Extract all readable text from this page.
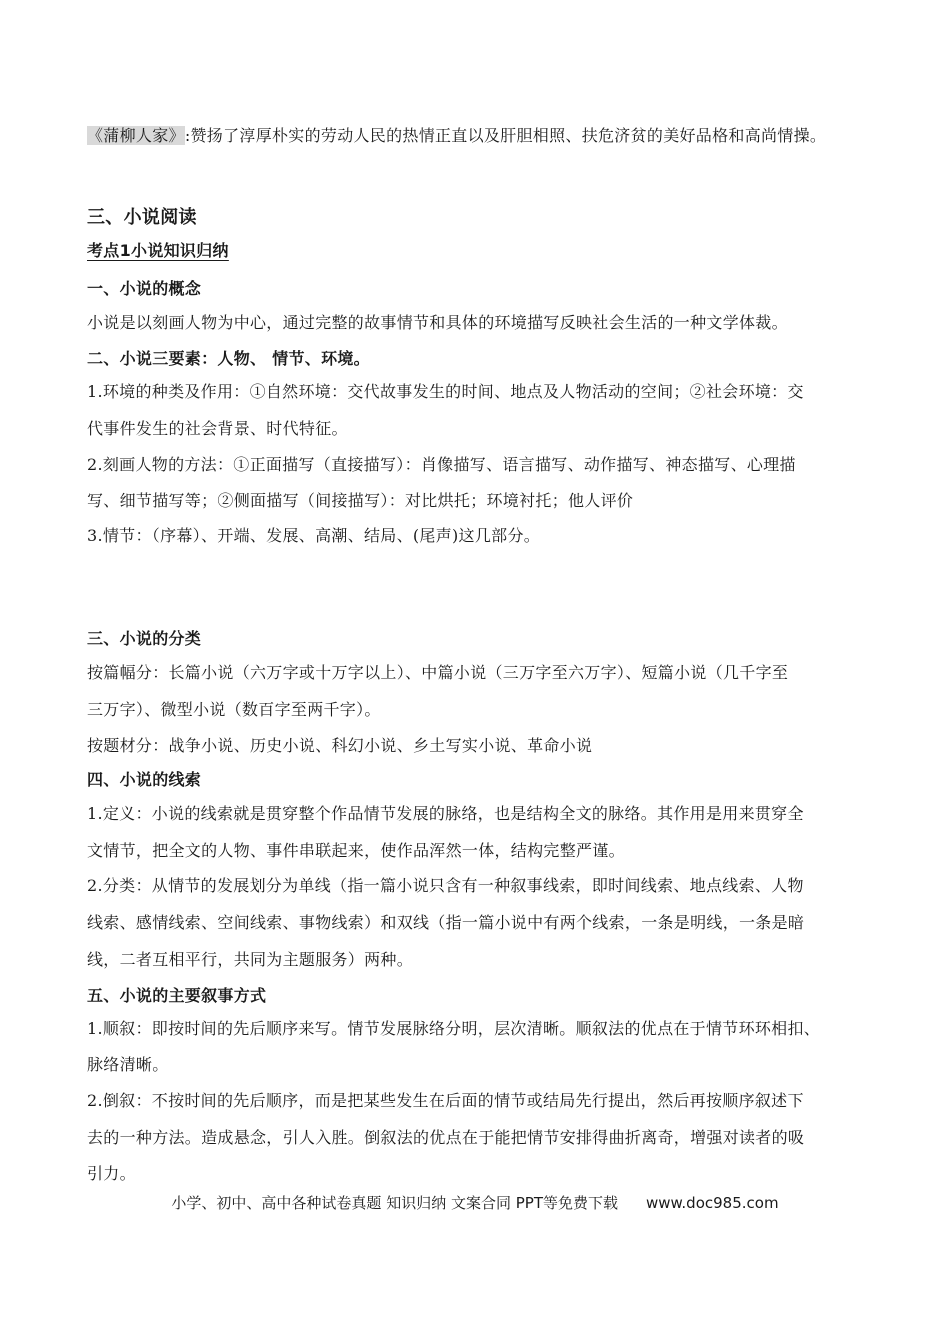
《蒲柳人家》:赞扬了淳厚朴实的劳动人民的热情正直以及肝胆相照、扶危济贫的美好品格和高尚情操。
三、小说阅读
考点1小说知识归纳
一、小说的概念
小说是以刻画人物为中心，通过完整的故事情节和具体的环境描写反映社会生活的一种文学体裁。
二、小说三要素：人物、 情节、环境。
1.环境的种类及作用：①自然环境：交代故事发生的时间、地点及人物活动的空间；②社会环境：交
代事件发生的社会背景、时代特征。
2.刻画人物的方法：①正面描写（直接描写）：肖像描写、语言描写、动作描写、神态描写、心理描
写、细节描写等；②侧面描写（间接描写）：对比烘托；环境衬托；他人评价
3.情节：（序幕）、开端、发展、高潮、结局、(尾声)这几部分。
三、小说的分类
按篇幅分：长篇小说（六万字或十万字以上）、中篇小说（三万字至六万字）、短篇小说（几千字至
三万字）、微型小说（数百字至两千字）。
按题材分：战争小说、历史小说、科幻小说、乡土写实小说、革命小说
四、小说的线索
1.定义：小说的线索就是贯穿整个作品情节发展的脉络，也是结构全文的脉络。其作用是用来贯穿全
文情节，把全文的人物、事件串联起来，使作品浑然一体，结构完整严谨。
2.分类：从情节的发展划分为单线（指一篇小说只含有一种叙事线索，即时间线索、地点线索、人物
线索、感情线索、空间线索、事物线索）和双线（指一篇小说中有两个线索，一条是明线，一条是暗
线，二者互相平行，共同为主题服务）两种。
五、小说的主要叙事方式
1.顺叙：即按时间的先后顺序来写。情节发展脉络分明，层次清晰。顺叙法的优点在于情节环环相扣、
脉络清晰。
2.倒叙：不按时间的先后顺序，而是把某些发生在后面的情节或结局先行提出，然后再按顺序叙述下
去的一种方法。造成悬念，引人入胜。倒叙法的优点在于能把情节安排得曲折离奇，增强对读者的吸
引力。
小学、初中、高中各种试卷真题 知识归纳 文案合同 PPT等免费下载 www.doc985.com
